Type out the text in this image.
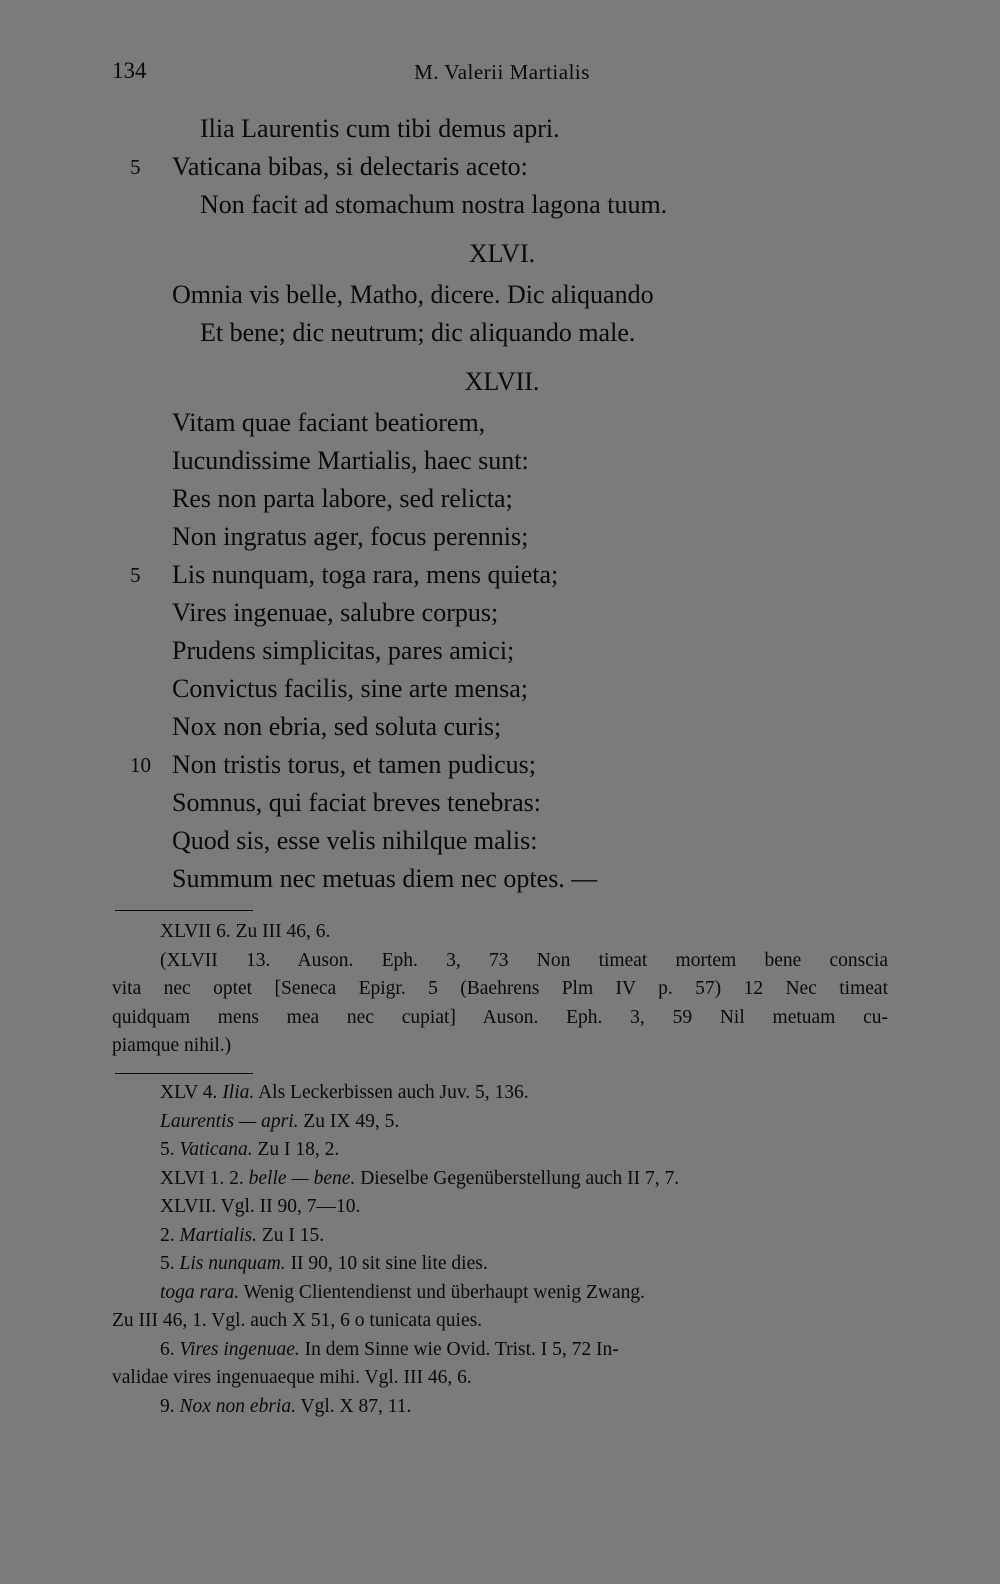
134	M. Valerii Martialis
Ilia Laurentis cum tibi demus apri.
5	Vaticana bibas, si delectaris aceto:
Non facit ad stomachum nostra lagona tuum.
XLVI.
Omnia vis belle, Matho, dicere. Dic aliquando
Et bene; dic neutrum; dic aliquando male.
XLVII.
Vitam quae faciant beatiorem,
Iucundissime Martialis, haec sunt:
Res non parta labore, sed relicta;
Non ingratus ager, focus perennis;
5	Lis nunquam, toga rara, mens quieta;
Vires ingenuae, salubre corpus;
Prudens simplicitas, pares amici;
Convictus facilis, sine arte mensa;
Nox non ebria, sed soluta curis;
10 Non tristis torus, et tamen pudicus;
Somnus, qui faciat breves tenebras:
Quod sis, esse velis nihilque malis:
Summum nec metuas diem nec optes. —
XLVII 6. Zu III 46, 6.
(XLVII 13. Auson. Eph. 3, 73 Non timeat mortem bene conscia
vita nec optet [Seneca Epigr. 5 (Baehrens Plm IV p. 57) 12 Nec timeat
quidquam mens mea nec cupiat] Auson. Eph. 3, 59 Nil metuam cu-
piamque nihil.)
XLV 4. Ilia. Als Leckerbissen auch Juv. 5, 136.
Laurentis — apri. Zu IX 49, 5.
5. Vaticana. Zu I 18, 2.
XLVI 1. 2. belle — bene. Dieselbe Gegenüberstellung auch II 7, 7.
XLVII. Vgl. II 90, 7—10.
2. Martialis. Zu I 15.
5. Lis nunquam. II 90, 10 sit sine lite dies.
toga rara. Wenig Clientendienst und überhaupt wenig Zwang.
Zu III 46, 1. Vgl. auch X 51, 6 o tunicata quies.
6. Vires ingenuae. In dem Sinne wie Ovid. Trist. I 5, 72 In-
validae vires ingenuaeque mihi. Vgl. III 46, 6.
9. Nox non ebria. Vgl. X 87, 11.
